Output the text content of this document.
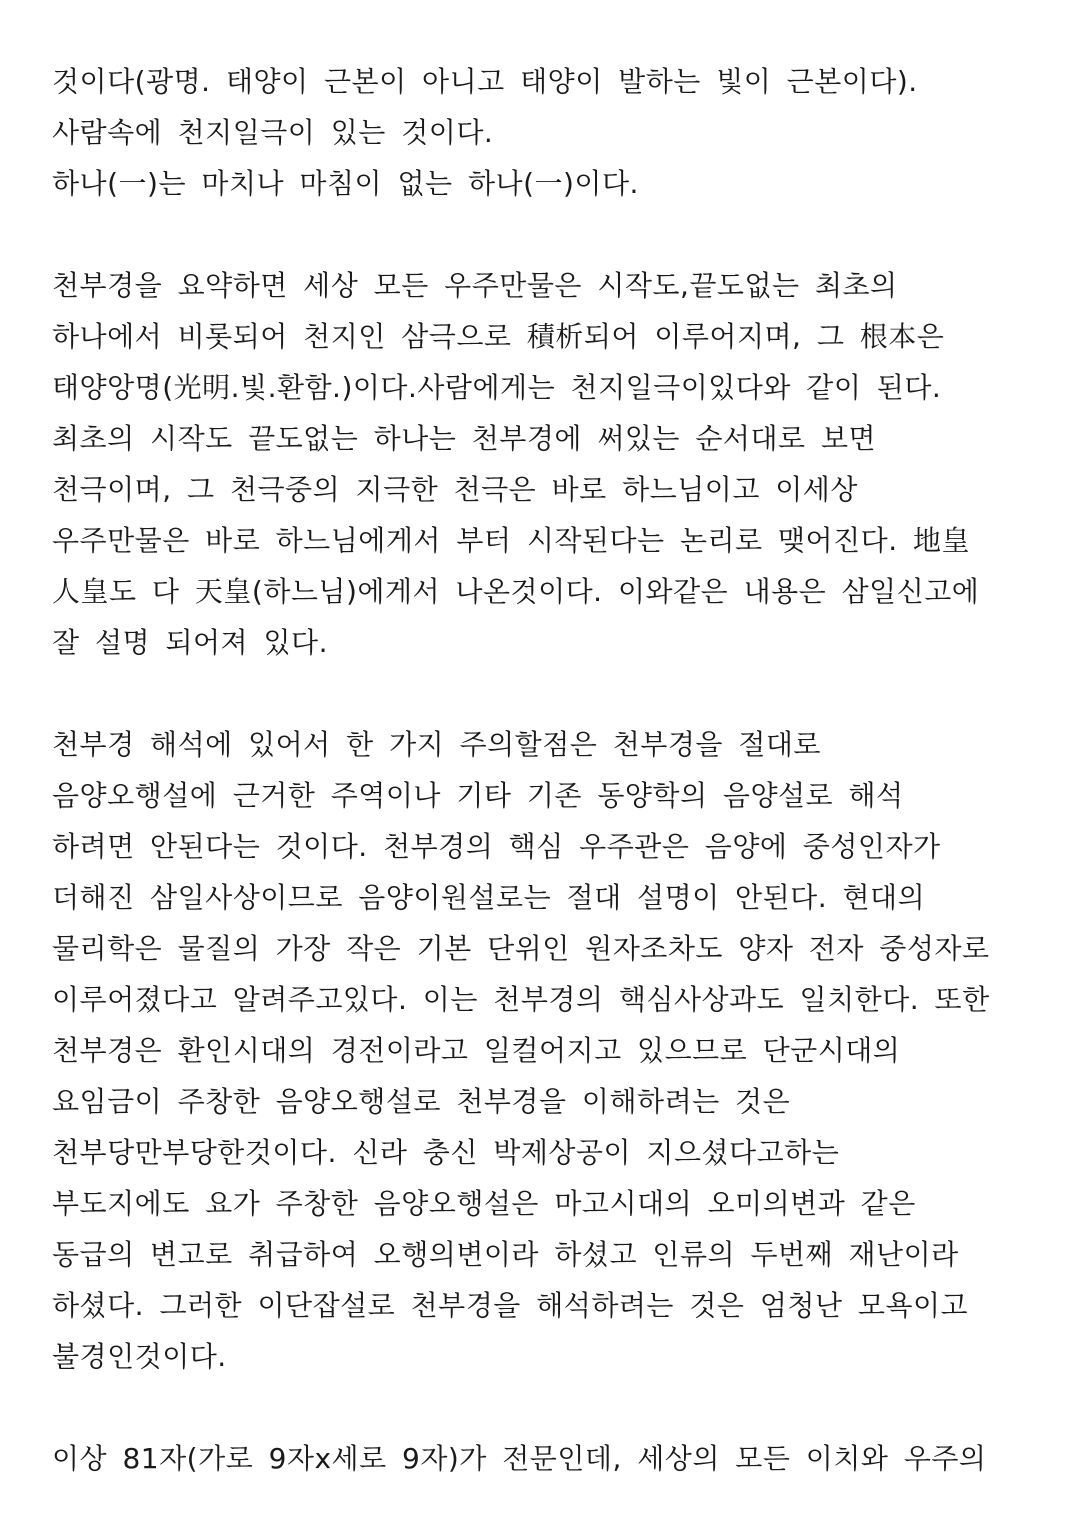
것이다(광명. 태양이 근본이 아니고 태양이 발하는 빛이 근본이다).
사람속에 천지일극이 있는 것이다.
하나(一)는 마치나 마침이 없는 하나(一)이다.
천부경을 요약하면 세상 모든 우주만물은 시작도,끝도없는 최초의
하나에서 비롯되어 천지인 삼극으로 積析되어 이루어지며, 그 根本은
태양앙명(光明.빛.환함.)이다.사람에게는 천지일극이있다와 같이 된다.
최초의 시작도 끝도없는 하나는 천부경에 써있는 순서대로 보면
천극이며, 그 천극중의 지극한 천극은 바로 하느님이고 이세상
우주만물은 바로 하느님에게서 부터 시작된다는 논리로 맺어진다. 地皇
人皇도 다 天皇(하느님)에게서 나온것이다. 이와같은 내용은 삼일신고에
잘 설명 되어져 있다.
천부경 해석에 있어서 한 가지 주의할점은 천부경을 절대로
음양오행설에 근거한 주역이나 기타 기존 동양학의 음양설로 해석
하려면 안된다는 것이다. 천부경의 핵심 우주관은 음양에 중성인자가
더해진 삼일사상이므로 음양이원설로는 절대 설명이 안된다. 현대의
물리학은 물질의 가장 작은 기본 단위인 원자조차도 양자 전자 중성자로
이루어졌다고 알려주고있다. 이는 천부경의 핵심사상과도 일치한다. 또한
천부경은 환인시대의 경전이라고 일컬어지고 있으므로 단군시대의
요임금이 주창한 음양오행설로 천부경을 이해하려는 것은
천부당만부당한것이다. 신라 충신 박제상공이 지으셨다고하는
부도지에도 요가 주창한 음양오행설은 마고시대의 오미의변과 같은
동급의 변고로 취급하여 오행의변이라 하셨고 인류의 두번째 재난이라
하셨다. 그러한 이단잡설로 천부경을 해석하려는 것은 엄청난 모욕이고
불경인것이다.
이상 81자(가로 9자x세로 9자)가 전문인데, 세상의 모든 이치와 우주의
